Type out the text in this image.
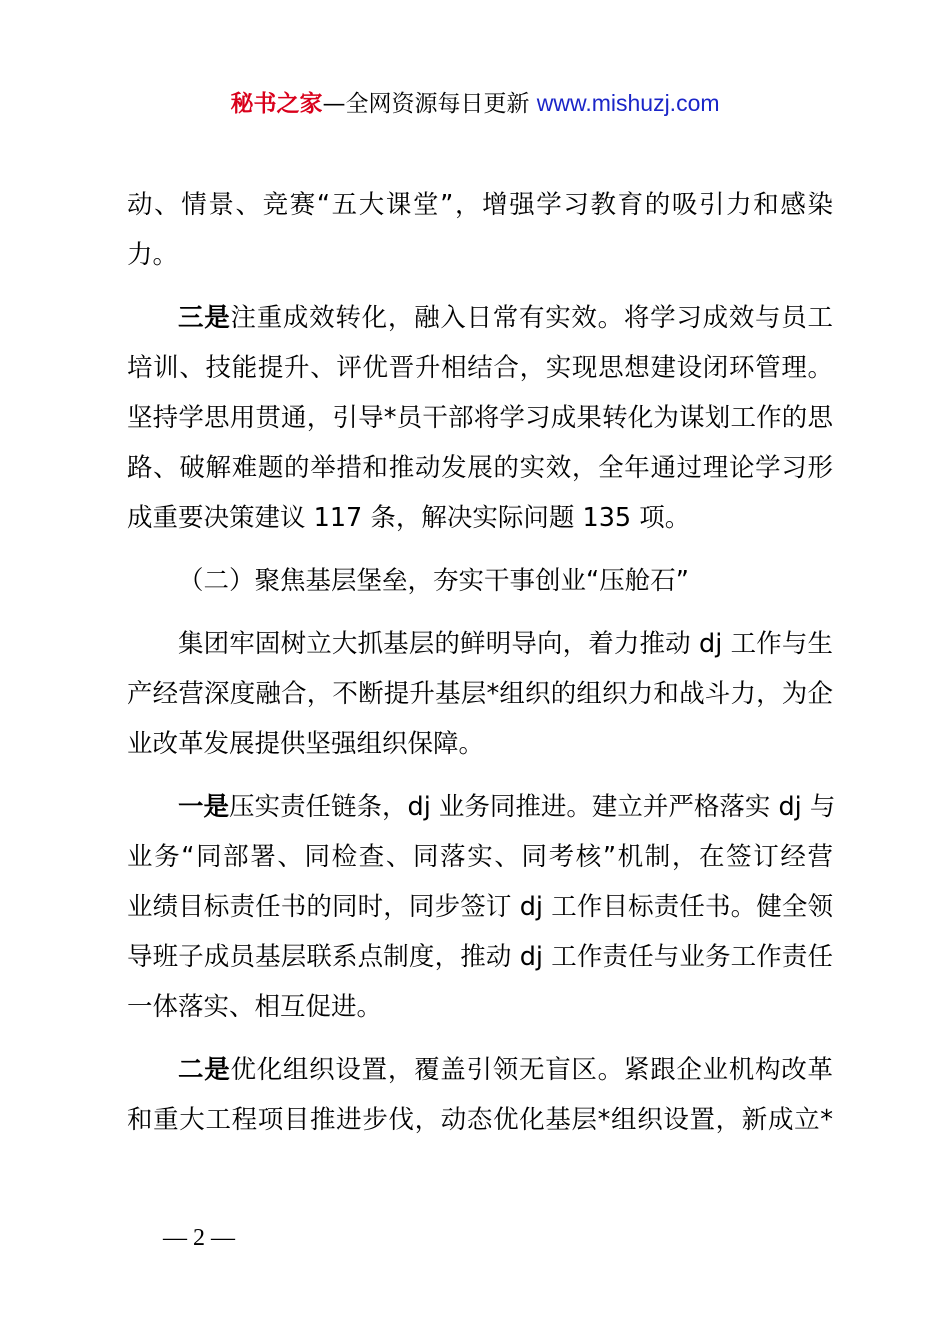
秘书之家—全网资源每日更新 www.mishuzj.com
动、情景、竞赛“五大课堂”，增强学习教育的吸引力和感染
力。
三是注重成效转化，融入日常有实效。将学习成效与员工
培训、技能提升、评优晋升相结合，实现思想建设闭环管理。
坚持学思用贯通，引导*员干部将学习成果转化为谋划工作的思
路、破解难题的举措和推动发展的实效，全年通过理论学习形
成重要决策建议 117 条，解决实际问题 135 项。
（二）聚焦基层堡垒，夯实干事创业“压舱石”
集团牢固树立大抓基层的鲜明导向，着力推动 dj 工作与生
产经营深度融合，不断提升基层*组织的组织力和战斗力，为企
业改革发展提供坚强组织保障。
一是压实责任链条，dj 业务同推进。建立并严格落实 dj 与
业务“同部署、同检查、同落实、同考核”机制，在签订经营
业绩目标责任书的同时，同步签订 dj 工作目标责任书。健全领
导班子成员基层联系点制度，推动 dj 工作责任与业务工作责任
一体落实、相互促进。
二是优化组织设置，覆盖引领无盲区。紧跟企业机构改革
和重大工程项目推进步伐，动态优化基层*组织设置，新成立*
— 2 —
